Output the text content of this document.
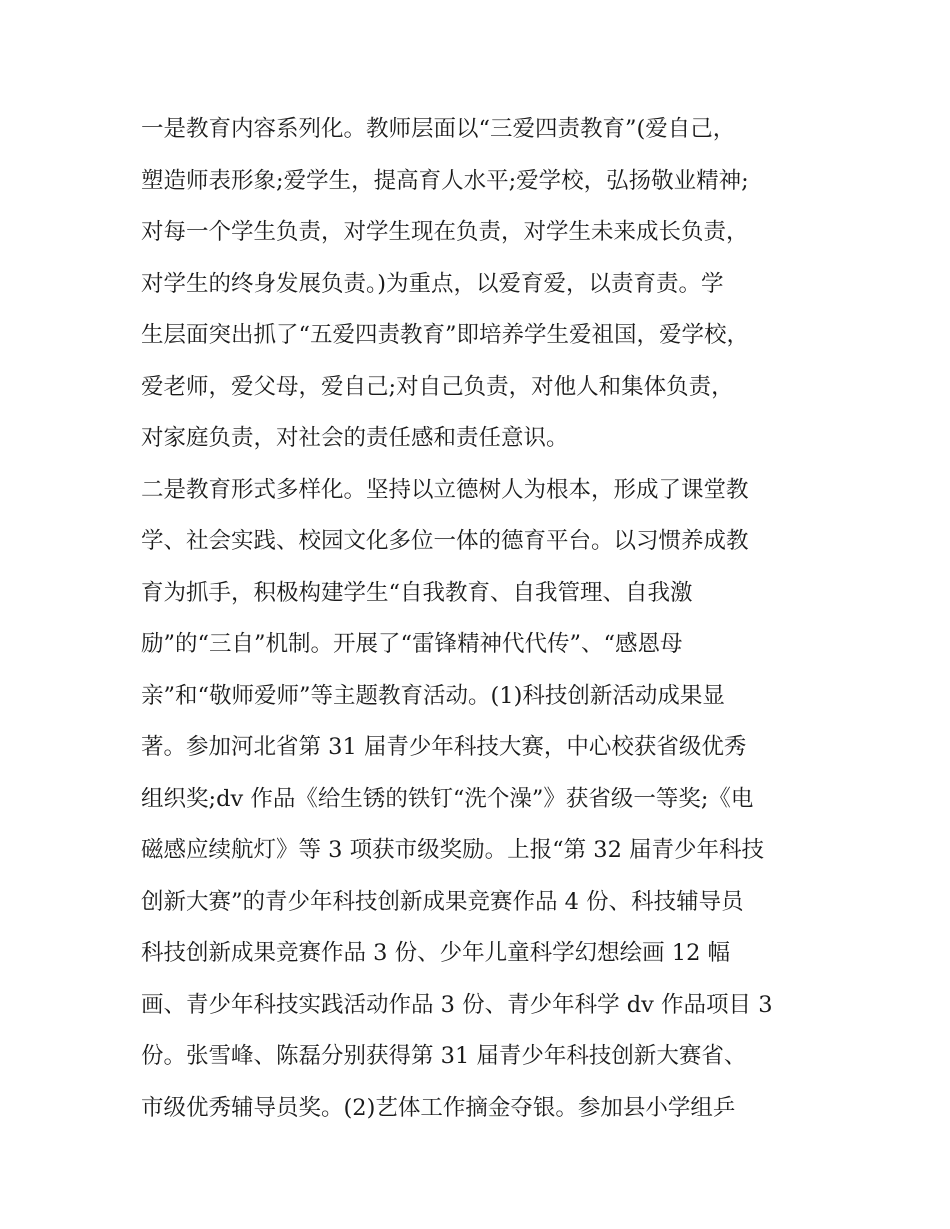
一是教育内容系列化。教师层面以“三爱四责教育”(爱自己，
塑造师表形象;爱学生，提高育人水平;爱学校，弘扬敬业精神;
对每一个学生负责，对学生现在负责，对学生未来成长负责，
对学生的终身发展负责。)为重点，以爱育爱，以责育责。学
生层面突出抓了“五爱四责教育”即培养学生爱祖国，爱学校，
爱老师，爱父母，爱自己;对自己负责，对他人和集体负责，
对家庭负责，对社会的责任感和责任意识。
二是教育形式多样化。坚持以立德树人为根本，形成了课堂教
学、社会实践、校园文化多位一体的德育平台。以习惯养成教
育为抓手，积极构建学生“自我教育、自我管理、自我激
励”的“三自”机制。开展了“雷锋精神代代传”、“感恩母
亲”和“敬师爱师”等主题教育活动。(1)科技创新活动成果显
著。参加河北省第 31 届青少年科技大赛，中心校获省级优秀
组织奖;dv 作品《给生锈的铁钉“洗个澡”》获省级一等奖;《电
磁感应续航灯》等 3 项获市级奖励。上报“第 32 届青少年科技
创新大赛”的青少年科技创新成果竞赛作品 4 份、科技辅导员
科技创新成果竞赛作品 3 份、少年儿童科学幻想绘画 12 幅
画、青少年科技实践活动作品 3 份、青少年科学 dv 作品项目 3
份。张雪峰、陈磊分别获得第 31 届青少年科技创新大赛省、
市级优秀辅导员奖。(2)艺体工作摘金夺银。参加县小学组乒
